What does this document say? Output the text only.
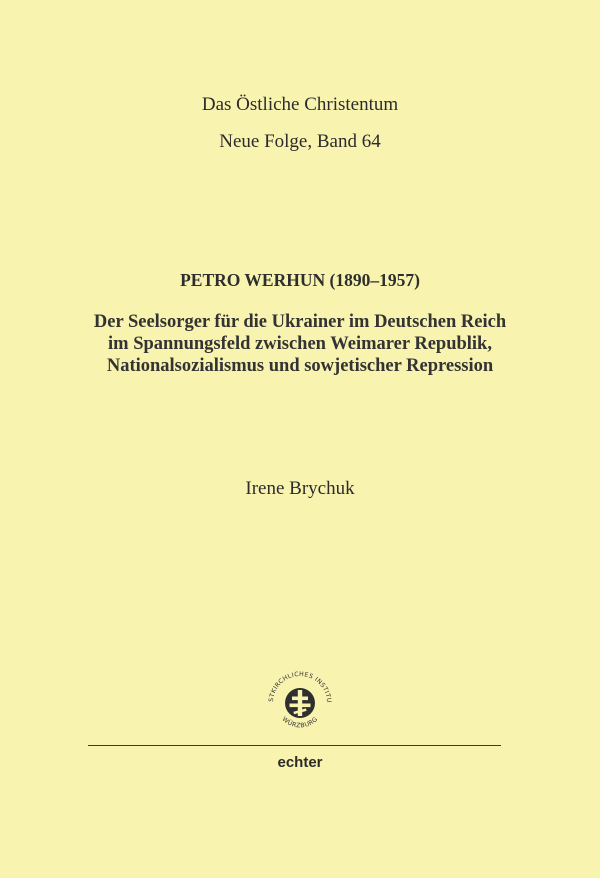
Das Östliche Christentum
Neue Folge, Band 64
PETRO WERHUN (1890–1957)
Der Seelsorger für die Ukrainer im Deutschen Reich
im Spannungsfeld zwischen Weimarer Republik,
Nationalsozialismus und sowjetischer Repression
Irene Brychuk
STKIRCHLICHES INSTITU
WÜRZBURG
echter
